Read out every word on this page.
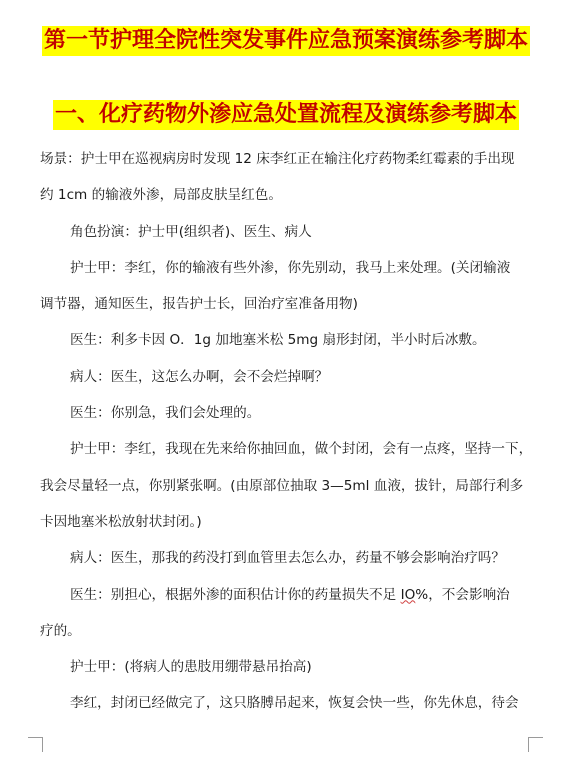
第一节护理全院性突发事件应急预案演练参考脚本
一、化疗药物外渗应急处置流程及演练参考脚本

场景：护士甲在巡视病房时发现 12 床李红正在输注化疗药物柔红霉素的手出现

约 1cm 的输液外渗，局部皮肤呈红色。

角色扮演：护士甲(组织者)、医生、病人

护士甲：李红，你的输液有些外渗，你先别动，我马上来处理。(关闭输液

调节器，通知医生，报告护士长，回治疗室准备用物)

医生：利多卡因 O．1g 加地塞米松 5mg 扇形封闭，半小时后冰敷。

病人：医生，这怎么办啊，会不会烂掉啊？

医生：你别急，我们会处理的。

护士甲：李红，我现在先来给你抽回血，做个封闭，会有一点疼，坚持一下，

我会尽量轻一点，你别紧张啊。(由原部位抽取 3—5ml 血液，拔针，局部行利多

卡因地塞米松放射状封闭。)

病人：医生，那我的药没打到血管里去怎么办，药量不够会影响治疗吗？

医生：别担心，根据外渗的面积估计你的药量损失不足 IO%，不会影响治

疗的。

护士甲：(将病人的患肢用绷带悬吊抬高)

李红，封闭已经做完了，这只胳膊吊起来，恢复会快一些，你先休息，待会
